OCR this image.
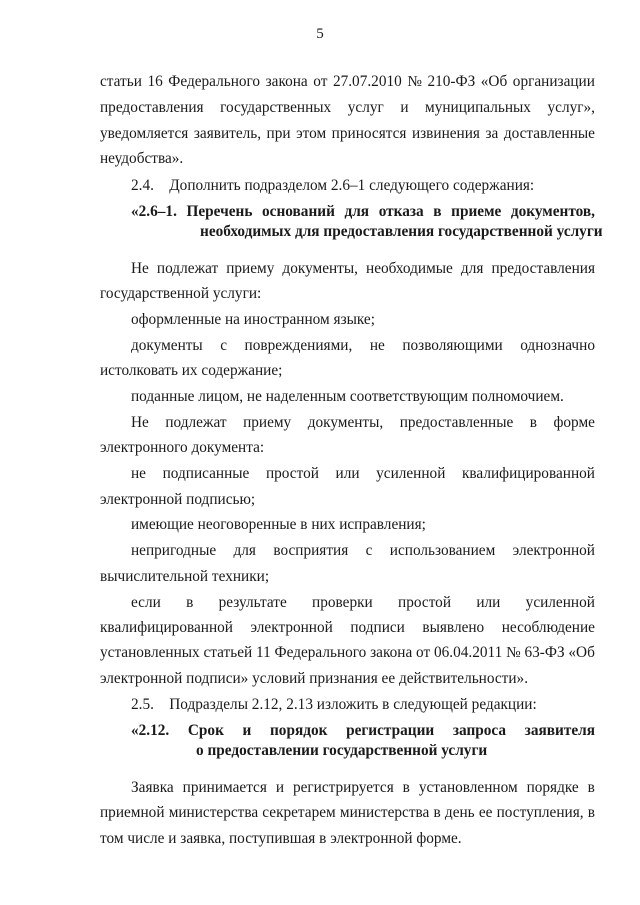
5
статьи 16 Федерального закона от 27.07.2010 № 210-ФЗ «Об организации
предоставления государственных услуг и муниципальных услуг»,
уведомляется заявитель, при этом приносятся извинения за доставленные
неудобства».
2.4.    Дополнить подразделом 2.6–1 следующего содержания:
«2.6–1. Перечень оснований для отказа в приеме документов,
необходимых для предоставления государственной услуги
Не подлежат приему документы, необходимые для предоставления
государственной услуги:
оформленные на иностранном языке;
документы с повреждениями, не позволяющими однозначно
истолковать их содержание;
поданные лицом, не наделенным соответствующим полномочием.
Не подлежат приему документы, предоставленные в форме
электронного документа:
не подписанные простой или усиленной квалифицированной
электронной подписью;
имеющие неоговоренные в них исправления;
непригодные для восприятия с использованием электронной
вычислительной техники;
если в результате проверки простой или усиленной
квалифицированной электронной подписи выявлено несоблюдение
установленных статьей 11 Федерального закона от 06.04.2011 № 63-ФЗ «Об
электронной подписи» условий признания ее действительности».
2.5.    Подразделы 2.12, 2.13 изложить в следующей редакции:
«2.12. Срок и порядок регистрации запроса заявителя
о предоставлении государственной услуги
Заявка принимается и регистрируется в установленном порядке в
приемной министерства секретарем министерства в день ее поступления, в
том числе и заявка, поступившая в электронной форме.
